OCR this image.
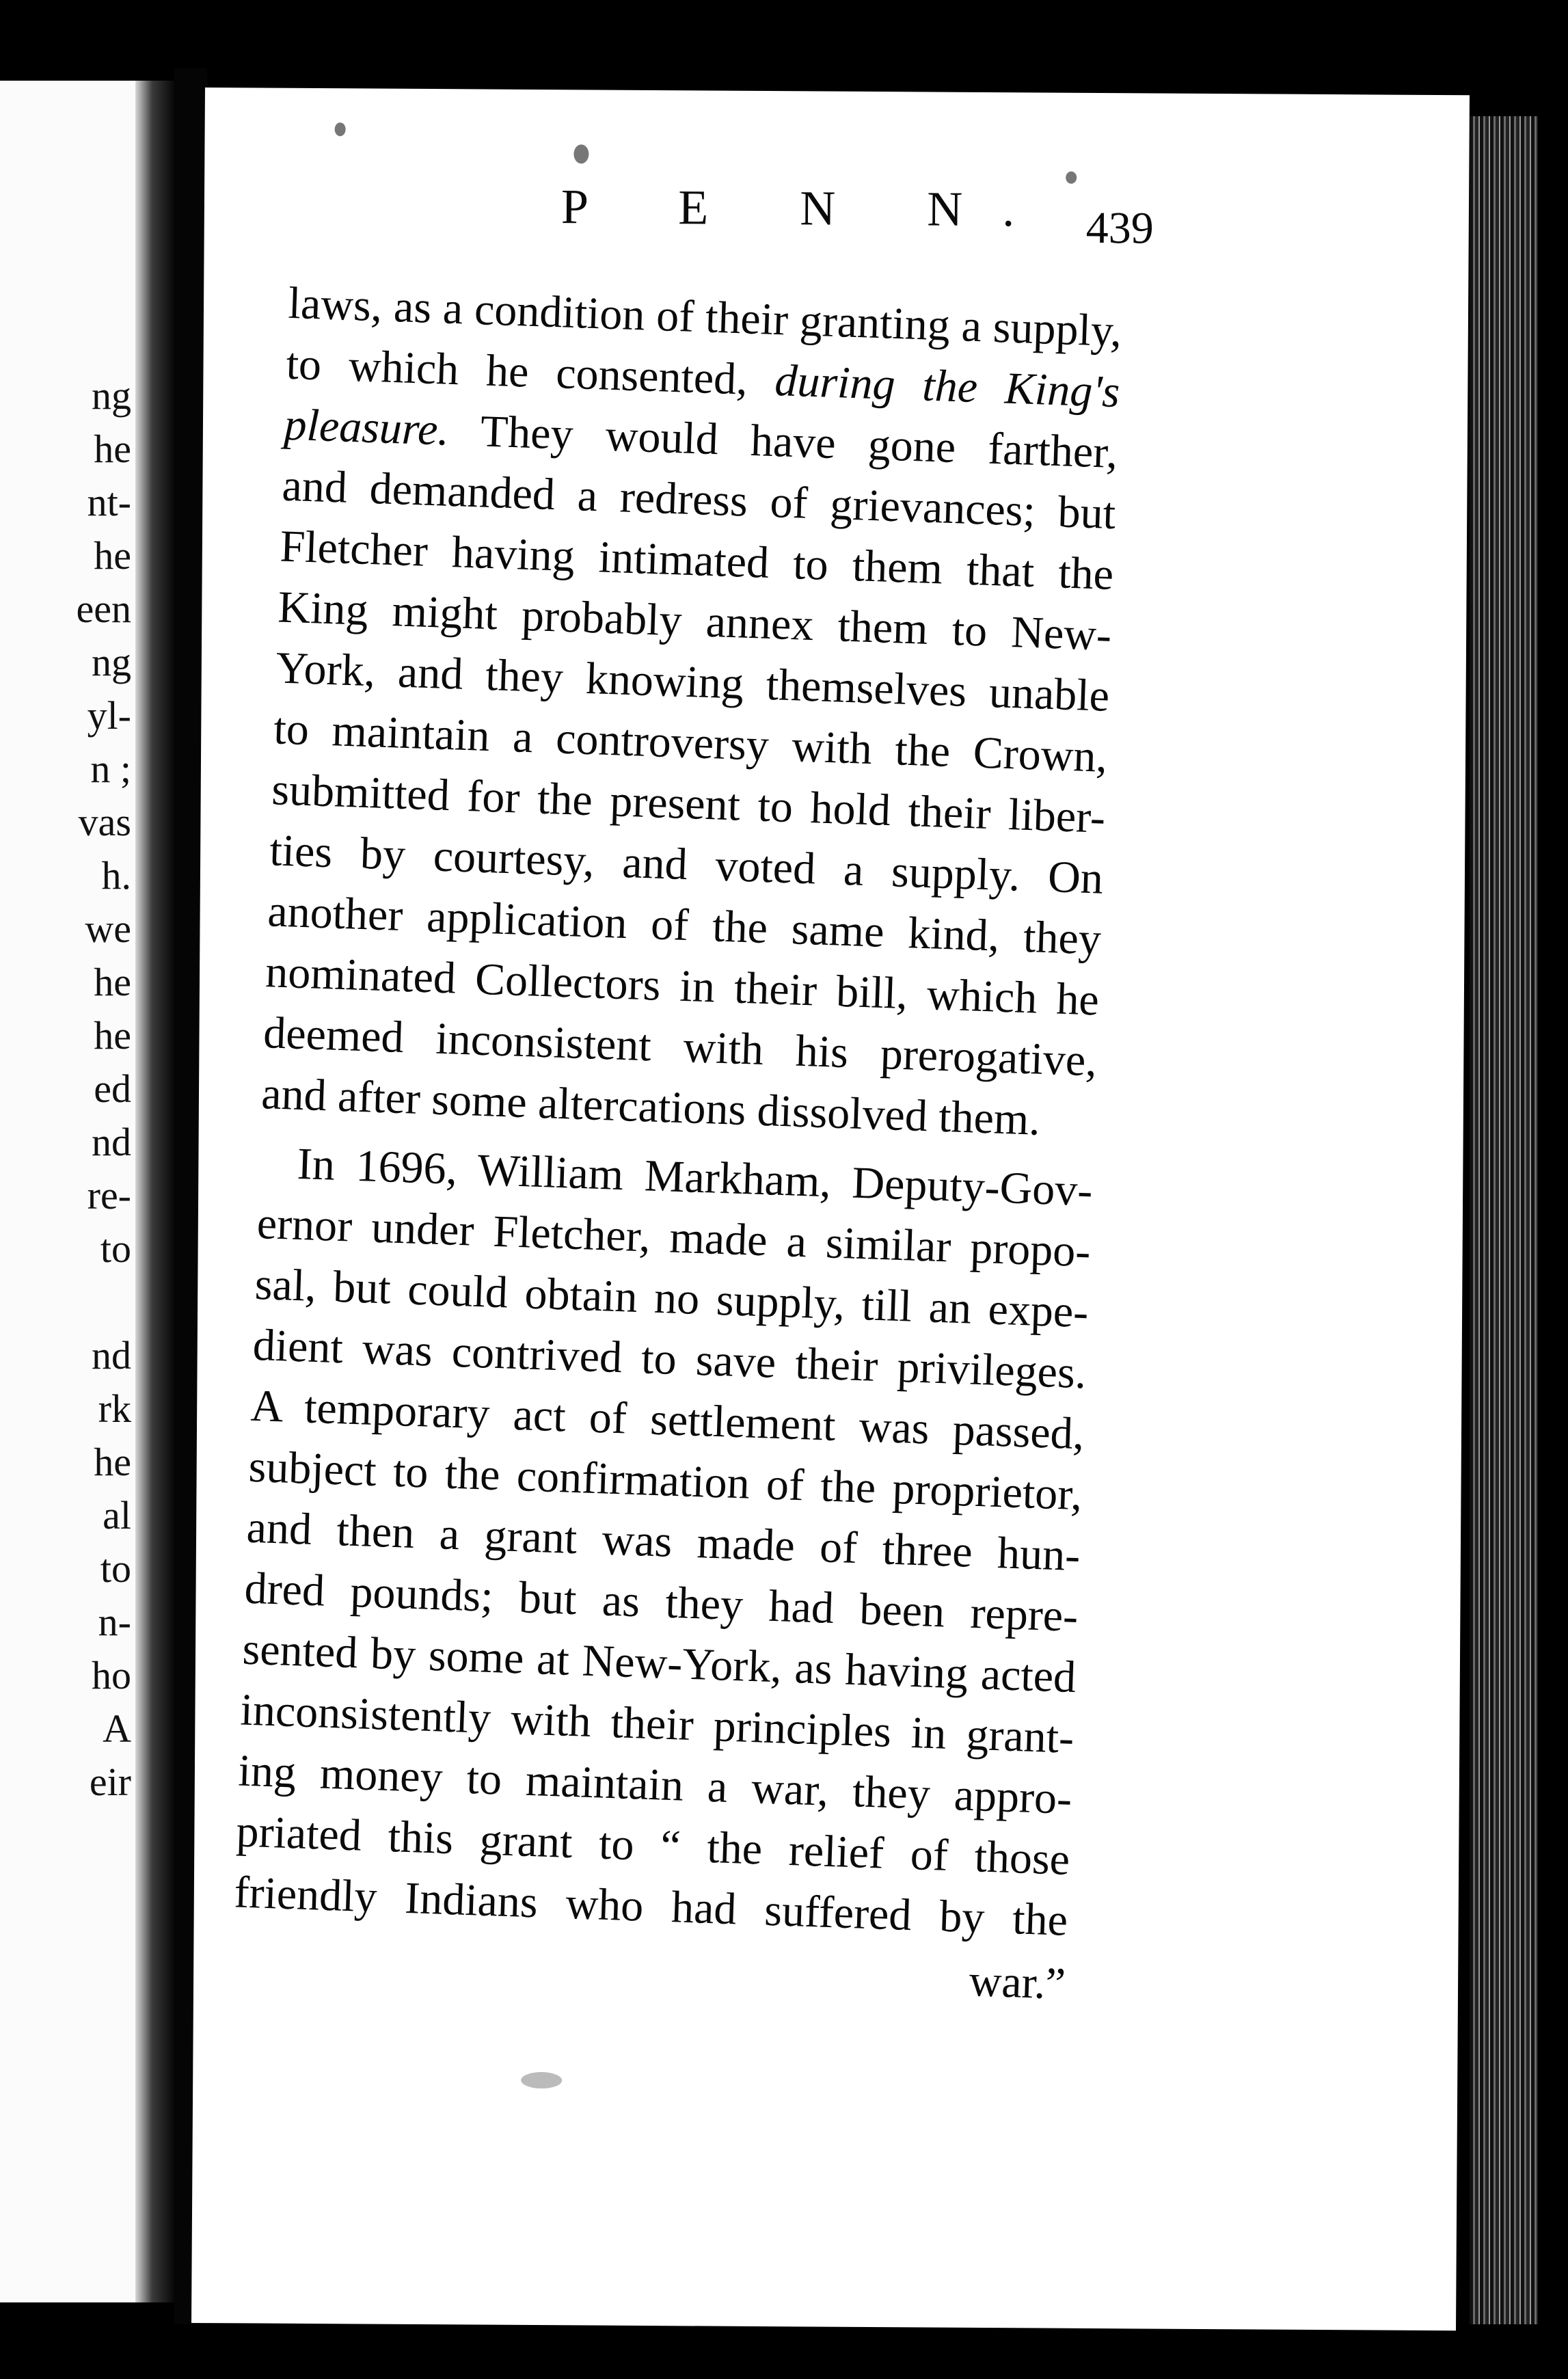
ng
he
nt-
he
een
ng
yl-
n ;
vas
h.
we
he
he
ed
nd
re-
to
nd
rk
he
al
to
n-
ho
A
eir
P E N N. 439
laws, as a condition of their granting a supply,
to which he consented, during the King's
pleasure. They would have gone farther,
and demanded a redress of grievances; but
Fletcher having intimated to them that the
King might probably annex them to New-
York, and they knowing themselves unable
to maintain a controversy with the Crown,
submitted for the present to hold their liber-
ties by courtesy, and voted a supply. On
another application of the same kind, they
nominated Collectors in their bill, which he
deemed inconsistent with his prerogative,
and after some altercations dissolved them.
In 1696, William Markham, Deputy-Gov-
ernor under Fletcher, made a similar propo-
sal, but could obtain no supply, till an expe-
dient was contrived to save their privileges.
A temporary act of settlement was passed,
subject to the confirmation of the proprietor,
and then a grant was made of three hun-
dred pounds; but as they had been repre-
sented by some at New-York, as having acted
inconsistently with their principles in grant-
ing money to maintain a war, they appro-
priated this grant to “ the relief of those
friendly Indians who had suffered by the
war.”
